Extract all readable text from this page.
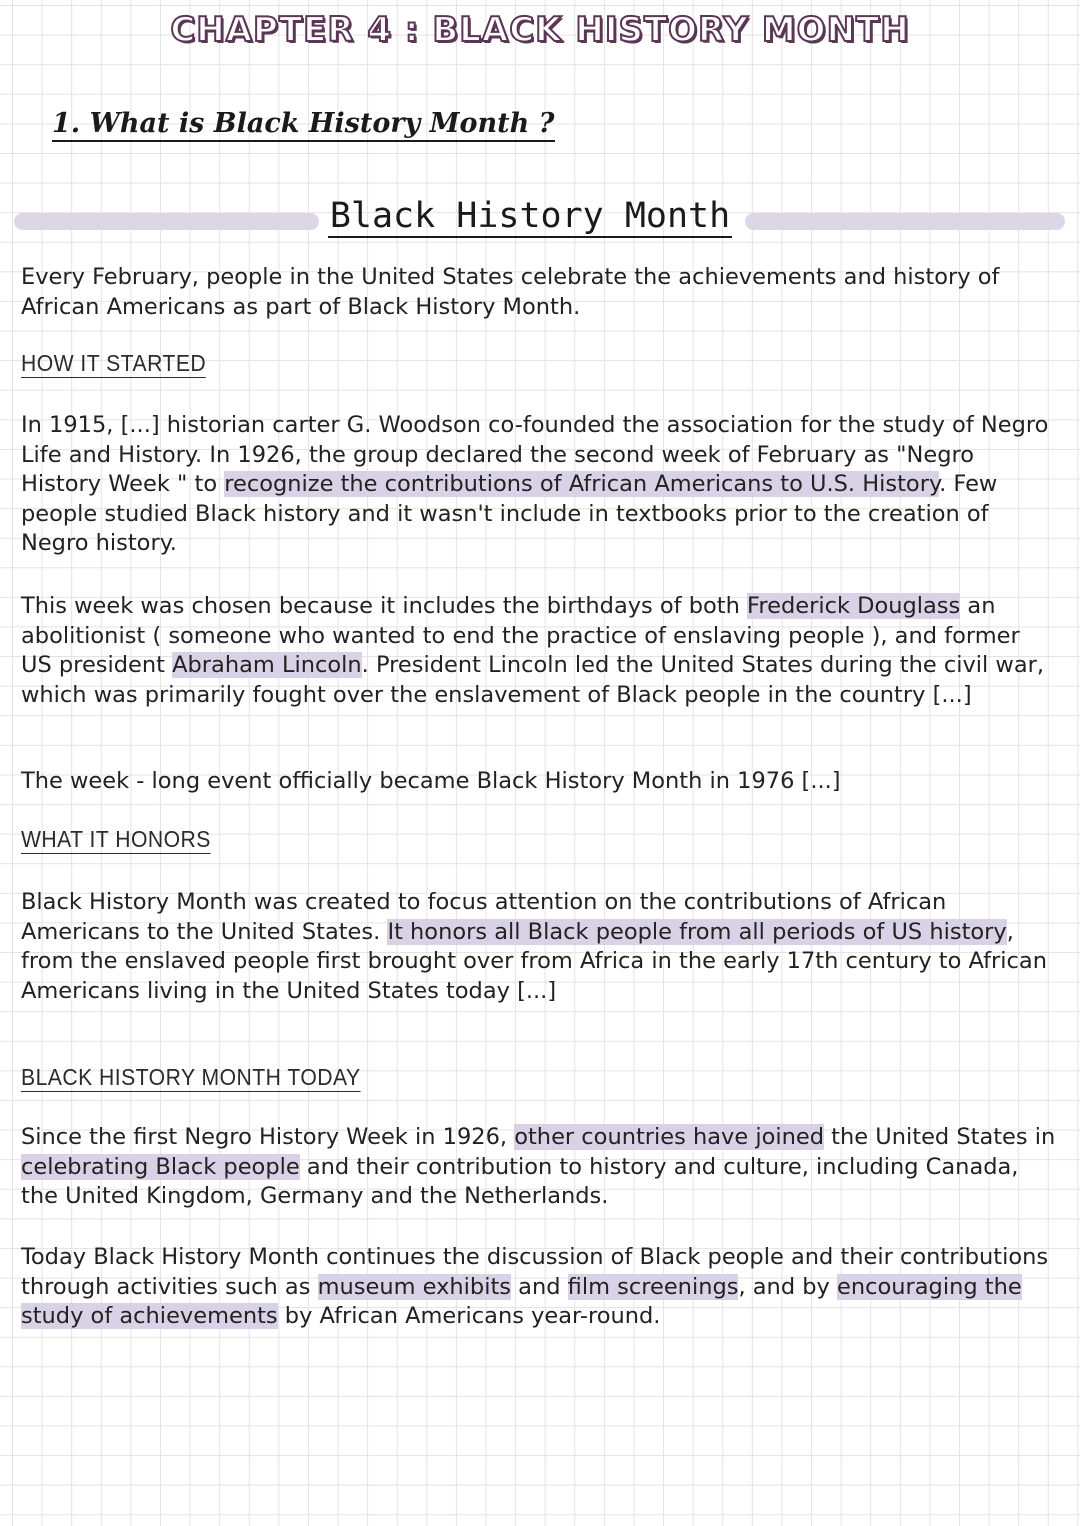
CHAPTER 4 : BLACK HISTORY MONTH
1. What is Black History Month ?
Black History Month

Every February, people in the United States celebrate the achievements and history of African Americans as part of Black History Month.

HOW IT STARTED

In 1915, [...] historian carter G. Woodson co-founded the association for the study of Negro Life and History. In 1926, the group declared the second week of February as "Negro History Week " to recognize the contributions of African Americans to U.S. History. Few people studied Black history and it wasn't include in textbooks prior to the creation of Negro history.

This week was chosen because it includes the birthdays of both Frederick Douglass an abolitionist ( someone who wanted to end the practice of enslaving people ), and former US president Abraham Lincoln. President Lincoln led the United States during the civil war, which was primarily fought over the enslavement of Black people in the country [...]

The week - long event officially became Black History Month in 1976 [...]

WHAT IT HONORS

Black History Month was created to focus attention on the contributions of African Americans to the United States. It honors all Black people from all periods of US history, from the enslaved people first brought over from Africa in the early 17th century to African Americans living in the United States today [...]

BLACK HISTORY MONTH TODAY

Since the first Negro History Week in 1926, other countries have joined the United States in celebrating Black people and their contribution to history and culture, including Canada, the United Kingdom, Germany and the Netherlands.

Today Black History Month continues the discussion of Black people and their contributions through activities such as museum exhibits and film screenings, and by encouraging the study of achievements by African Americans year-round.
